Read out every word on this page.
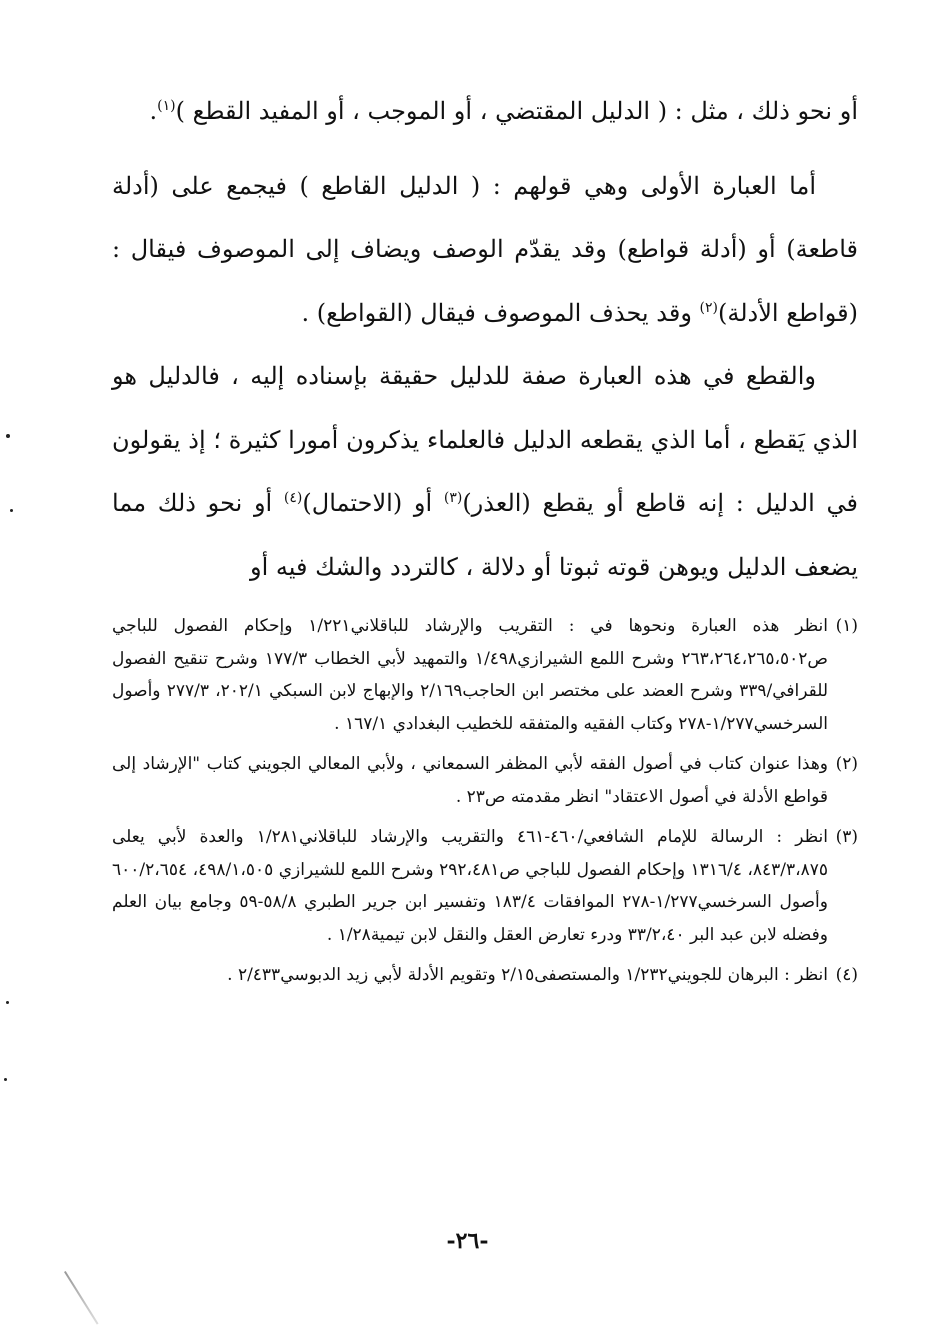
أو نحو ذلك ، مثل : ( الدليل المقتضي ، أو الموجب ، أو المفيد القطع )$^{(١)}$.

أما العبارة الأولى وهي قولهم : ( الدليل القاطع ) فيجمع على (أدلة قاطعة) أو (أدلة قواطع) وقد يقدّم الوصف ويضاف إلى الموصوف فيقال : (قواطع الأدلة)$^{(٢)}$ وقد يحذف الموصوف فيقال (القواطع) .

والقطع في هذه العبارة صفة للدليل حقيقة بإسناده إليه ، فالدليل هو الذي يَقطع ، أما الذي يقطعه الدليل فالعلماء يذكرون أمورا كثيرة ؛ إذ يقولون في الدليل : إنه قاطع أو يقطع (العذر)$^{(٣)}$ أو (الاحتمال)$^{(٤)}$ أو نحو ذلك مما يضعف الدليل ويوهن قوته ثبوتا أو دلالة ، كالتردد والشك فيه أو

(١)
انظر هذه العبارة ونحوها في : التقريب والإرشاد للباقلاني١/٢٢١ وإحكام الفصول للباجي ص٢٦٣،٢٦٤،٢٦٥،٥٠٢ وشرح اللمع الشيرازي١/٤٩٨ والتمهيد لأبي الخطاب ١٧٧/٣ وشرح تنقيح الفصول للقرافي/٣٣٩ وشرح العضد على مختصر ابن الحاجب٢/١٦٩ والإبهاج لابن السبكي ٢٠٢/١، ٢٧٧/٣ وأصول السرخسي١/٢٧٧-٢٧٨ وكتاب الفقيه والمتفقه للخطيب البغدادي ١٦٧/١ .
(٢)
وهذا عنوان كتاب في أصول الفقه لأبي المظفر السمعاني ، ولأبي المعالي الجويني كتاب "الإرشاد إلى قواطع الأدلة في أصول الاعتقاد" انظر مقدمته ص٢٣ .
(٣)
انظر : الرسالة للإمام الشافعي/٤٦٠-٤٦١ والتقريب والإرشاد للباقلاني١/٢٨١ والعدة لأبي يعلى ٨٤٣/٣،٨٧٥، ١٣١٦/٤ وإحكام الفصول للباجي ص٢٩٢،٤٨١ وشرح اللمع للشيرازي ٤٩٨/١،٥٠٥، ٦٠٠/٢،٦٥٤ وأصول السرخسي١/٢٧٧-٢٧٨ الموافقات ١٨٣/٤ وتفسير ابن جرير الطبري ٥٨/٨-٥٩ وجامع بيان العلم وفضله لابن عبد البر ٣٣/٢،٤٠ ودرء تعارض العقل والنقل لابن تيمية١/٢٨ .
(٤)
انظر : البرهان للجويني١/٢٣٢ والمستصفى٢/١٥ وتقويم الأدلة لأبي زيد الدبوسي٢/٤٣٣ .
-٢٦-
